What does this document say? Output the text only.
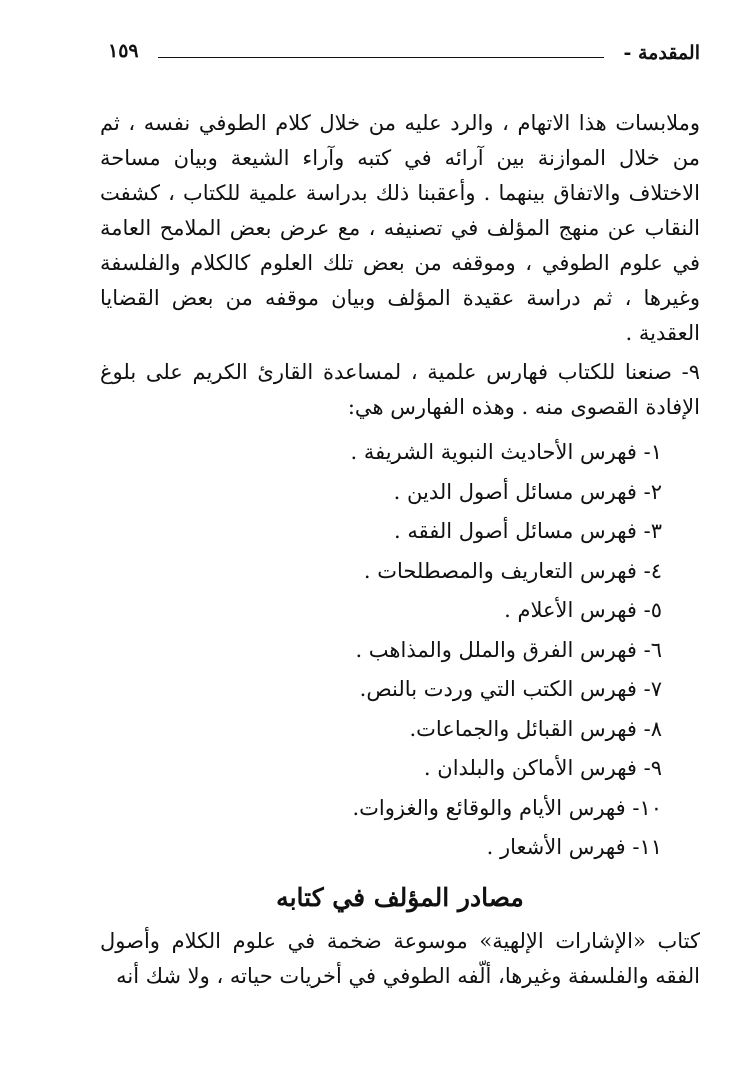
المقدمة -
١٥٩

وملابسات هذا الاتهام ، والرد عليه من خلال كلام الطوفي نفسه ، ثم من خلال الموازنة بين آرائه في كتبه وآراء الشيعة وبيان مساحة الاختلاف والاتفاق بينهما . وأعقبنا ذلك بدراسة علمية للكتاب ، كشفت النقاب عن منهج المؤلف في تصنيفه ، مع عرض بعض الملامح العامة في علوم الطوفي ، وموقفه من بعض تلك العلوم كالكلام والفلسفة وغيرها ، ثم دراسة عقيدة المؤلف وبيان موقفه من بعض القضايا العقدية .

٩- صنعنا للكتاب فهارس علمية ، لمساعدة القارئ الكريم على بلوغ الإفادة القصوى منه . وهذه الفهارس هي:

١- فهرس الأحاديث النبوية الشريفة .
٢- فهرس مسائل أصول الدين .
٣- فهرس مسائل أصول الفقه .
٤- فهرس التعاريف والمصطلحات .
٥- فهرس الأعلام .
٦- فهرس الفرق والملل والمذاهب .
٧- فهرس الكتب التي وردت بالنص.
٨- فهرس القبائل والجماعات.
٩- فهرس الأماكن والبلدان .
١٠- فهرس الأيام والوقائع والغزوات.
١١- فهرس الأشعار .
مصادر المؤلف في كتابه

كتاب «الإشارات الإلهية» موسوعة ضخمة في علوم الكلام وأصول الفقه والفلسفة وغيرها، ألّفه الطوفي في أخريات حياته ، ولا شك أنه
